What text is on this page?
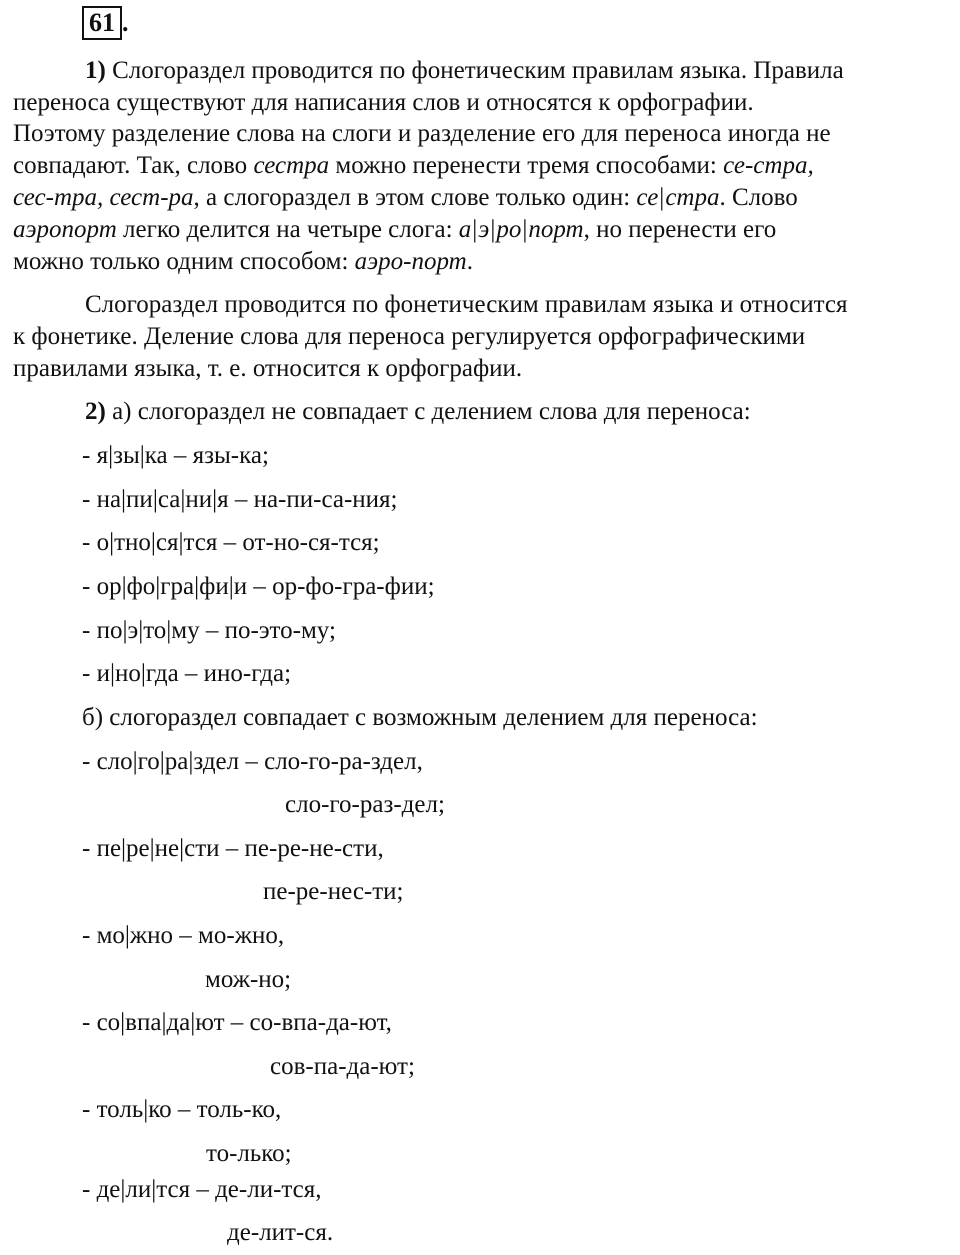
61 .
1) Слогораздел проводится по фонетическим правилам языка. Правила
переноса существуют для написания слов и относятся к орфографии.
Поэтому разделение слова на слоги и разделение его для переноса иногда не
совпадают. Так, слово сестра можно перенести тремя способами: се-стра,
сес-тра, сест-ра, а слогораздел в этом слове только один: се|стра. Слово
аэропорт легко делится на четыре слога: а|э|ро|порт, но перенести его
можно только одним способом: аэро-порт.
Слогораздел проводится по фонетическим правилам языка и относится
к фонетике. Деление слова для переноса регулируется орфографическими
правилами языка, т. е. относится к орфографии.
2) а) слогораздел не совпадает с делением слова для переноса:
- я|зы|ка – язы-ка;
- на|пи|са|ни|я – на-пи-са-ния;
- о|тно|ся|тся – от-но-ся-тся;
- ор|фо|гра|фи|и – ор-фо-гра-фии;
- по|э|то|му – по-это-му;
- и|но|гда – ино-гда;
б) слогораздел совпадает с возможным делением для переноса:
- сло|го|ра|здел – сло-го-ра-здел,
сло-го-раз-дел;
- пе|ре|не|сти – пе-ре-не-сти,
пе-ре-нес-ти;
- мо|жно – мо-жно,
мож-но;
- со|впа|да|ют – со-впа-да-ют,
сов-па-да-ют;
- толь|ко – толь-ко,
то-лько;
- де|ли|тся – де-ли-тся,
де-лит-ся.
